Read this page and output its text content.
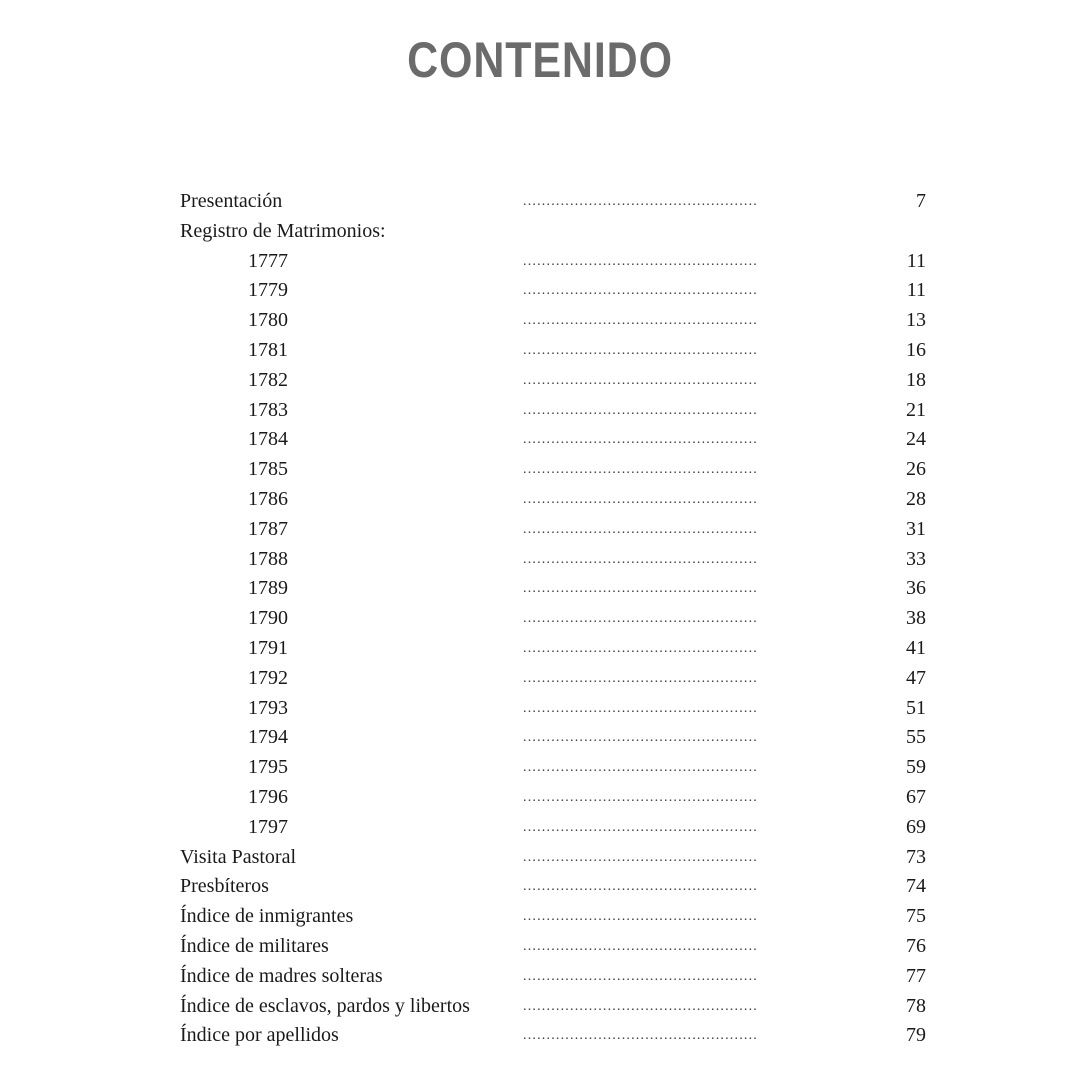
CONTENIDO
Presentación	..................................................	7
Registro de Matrimonios:
1777	..................................................	11
1779	..................................................	11
1780	..................................................	13
1781	..................................................	16
1782	..................................................	18
1783	..................................................	21
1784	..................................................	24
1785	..................................................	26
1786	..................................................	28
1787	..................................................	31
1788	..................................................	33
1789	..................................................	36
1790	..................................................	38
1791	..................................................	41
1792	..................................................	47
1793	..................................................	51
1794	..................................................	55
1795	..................................................	59
1796	..................................................	67
1797	..................................................	69
Visita Pastoral	..................................................	73
Presbíteros	..................................................	74
Índice de inmigrantes	..................................................	75
Índice de militares	..................................................	76
Índice de madres solteras	..................................................	77
Índice de esclavos, pardos y libertos	..................................................	78
Índice por apellidos	..................................................	79
